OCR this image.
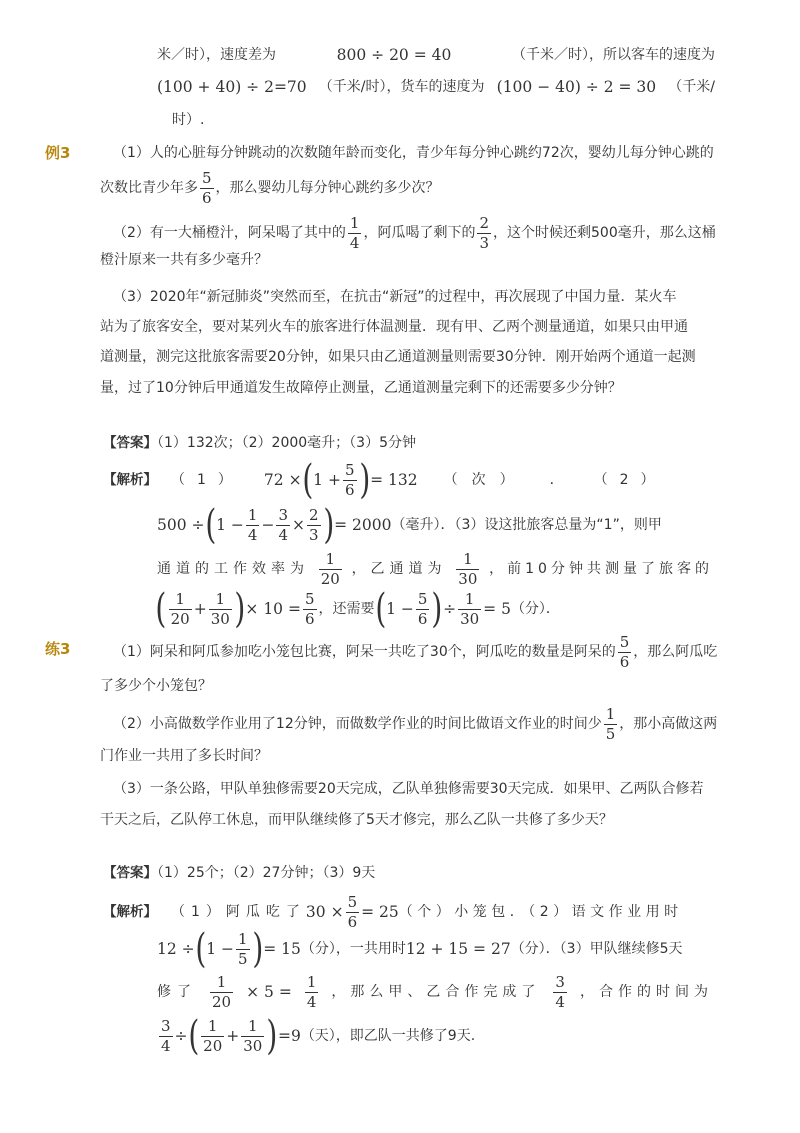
米／时），速度差为	800 ÷ 20 = 40	（千米／时），所以客车的速度为
(100 + 40) ÷ 2=70 （千米/时），货车的速度为 (100 − 40) ÷ 2 = 30 （千米/
时）.
例3	（1）人的心脏每分钟跳动的次数随年龄而变化，青少年每分钟心跳约72次，婴幼儿每分钟心跳的
次数比青少年多 $\frac{5}{6}$ ，那么婴幼儿每分钟心跳约多少次？
（2）有一大桶橙汁，阿呆喝了其中的 $\frac{1}{4}$ ，阿瓜喝了剩下的 $\frac{2}{3}$ ，这个时候还剩500毫升，那么这桶
橙汁原来一共有多少毫升？
（3）2020年“新冠肺炎”突然而至，在抗击“新冠”的过程中，再次展现了中国力量．某火车
站为了旅客安全，要对某列火车的旅客进行体温测量．现有甲、乙两个测量通道，如果只由甲通
道测量，测完这批旅客需要20分钟，如果只由乙通道测量则需要30分钟．刚开始两个通道一起测
量，过了10分钟后甲通道发生故障停止测量，乙通道测量完剩下的还需要多少分钟？
【答案】（1）132次；（2）2000毫升；（3）5分钟
【解析】 （1） 72 × ( $1 + \frac{5}{6}$ ) = 132 （次） ． （2）
500 ÷ ( $1 - \frac{1}{4} - \frac{3}{4} \times \frac{2}{3}$ ) = 2000 （毫升）．（3）设这批旅客总量为“1”，则甲
通道的工作效率为 $\frac{1}{20}$ ，乙通道为 $\frac{1}{30}$ ，前10分钟共测量了旅客的
( $\frac{1}{20} + \frac{1}{30}$ ) × $10 = \frac{5}{6}$ ，还需要 ( $1 - \frac{5}{6}$ ) ÷ $\frac{1}{30} = 5$ （分）．
练3	（1）阿呆和阿瓜参加吃小笼包比赛，阿呆一共吃了30个，阿瓜吃的数量是阿呆的 $\frac{5}{6}$ ，那么阿瓜吃
了多少个小笼包？
（2）小高做数学作业用了12分钟，而做数学作业的时间比做语文作业的时间少 $\frac{1}{5}$ ，那小高做这两
门作业一共用了多长时间？
（3）一条公路，甲队单独修需要20天完成，乙队单独修需要30天完成．如果甲、乙两队合修若
干天之后，乙队停工休息，而甲队继续修了5天才修完，那么乙队一共修了多少天？
【答案】（1）25个；（2）27分钟；（3）9天
【解析】 （1）阿瓜吃了 $30 \times \frac{5}{6} = 25$ （个）小笼包．（2）语文作业用时
12 ÷ ( $1 - \frac{1}{5}$ ) = 15 （分），一共用时 12 + 15 = 27 （分）．（3）甲队继续修5天
修了 $\frac{1}{20} \times 5 = \frac{1}{4}$ ，那么甲、乙合作完成了 $\frac{3}{4}$ ，合作的时间为
$\frac{3}{4}$ ÷ ( $\frac{1}{20} + \frac{1}{30}$ ) =9 （天），即乙队一共修了9天.
